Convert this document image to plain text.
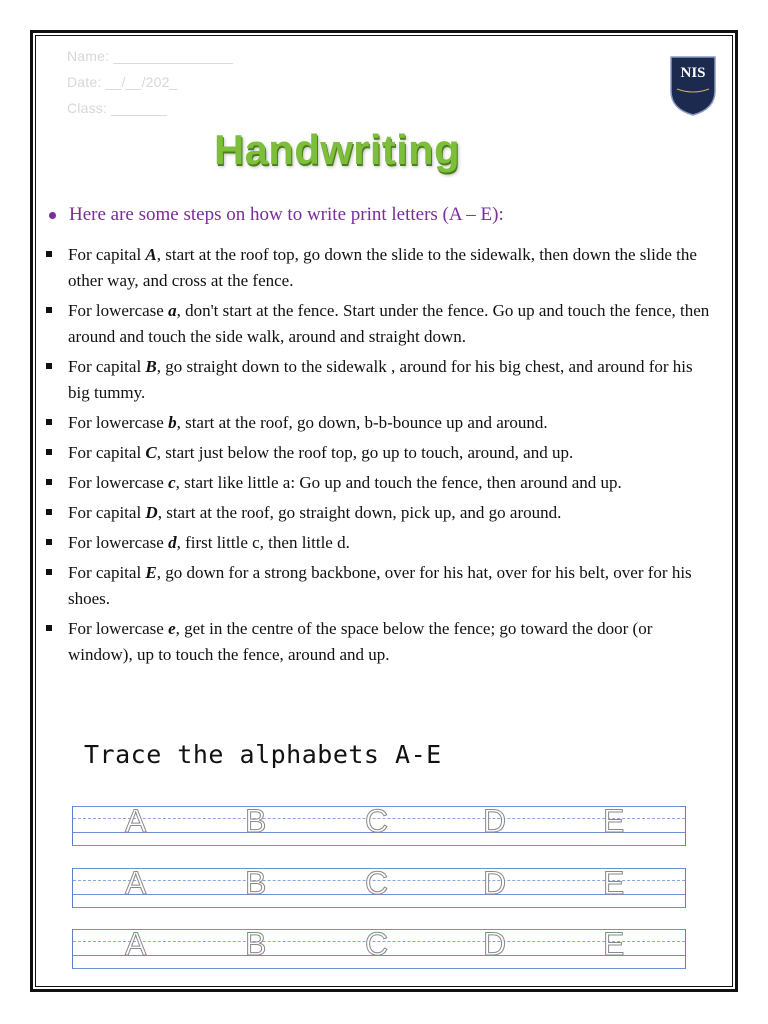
Name: _______________
Date: __/__/202_
Class: _______
NIS
Handwriting
Here are some steps on how to write print letters (A – E):
For capital A, start at the roof top, go down the slide to the sidewalk, then down the slide the other way, and cross at the fence.
For lowercase a, don't start at the fence. Start under the fence. Go up and touch the fence, then around and touch the side walk, around and straight down.
For capital B, go straight down to the sidewalk , around for his big chest, and around for his big tummy.
For lowercase b, start at the roof, go down, b-b-bounce up and around.
For capital C, start just below the roof top, go up to touch, around, and up.
For lowercase c, start like little a: Go up and touch the fence, then around and up.
For capital D, start at the roof, go straight down, pick up, and go around.
For lowercase d, first little c, then little d.
For capital E, go down for a strong backbone, over for his hat, over for his belt, over for his shoes.
For lowercase e, get in the centre of the space below the fence; go toward the door (or window), up to touch the fence, around and up.
Trace the alphabets A-E
A	B	C	D	E
A	B	C	D	E
A	B	C	D	E
